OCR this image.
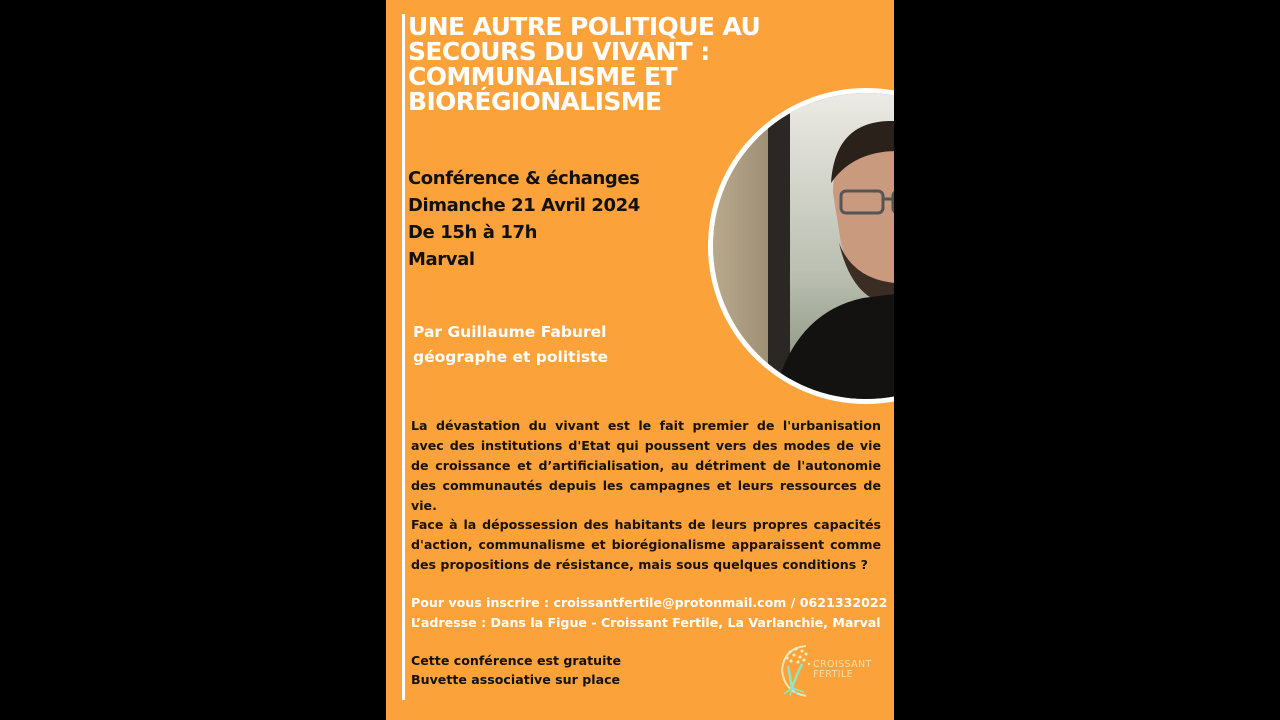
UNE AUTRE POLITIQUE AU
SECOURS DU VIVANT :
COMMUNALISME ET
BIORÉGIONALISME
Conférence & échanges
Dimanche 21 Avril 2024
De 15h à 17h
Marval
Par Guillaume Faburel
géographe et politiste
La dévastation du vivant est le fait premier de l'urbanisation avec des institutions d'Etat qui poussent vers des modes de vie de croissance et d’artificialisation, au détriment de l'autonomie des communautés depuis les campagnes et leurs ressources de vie.
Face à la dépossession des habitants de leurs propres capacités d'action, communalisme et biorégionalisme apparaissent comme des propositions de résistance, mais sous quelques conditions ?
Pour vous inscrire : croissantfertile@protonmail.com / 0621332022
L’adresse : Dans la Figue - Croissant Fertile, La Varlanchie, Marval
Cette conférence est gratuite
Buvette associative sur place
CROISSANT
FERTILE
